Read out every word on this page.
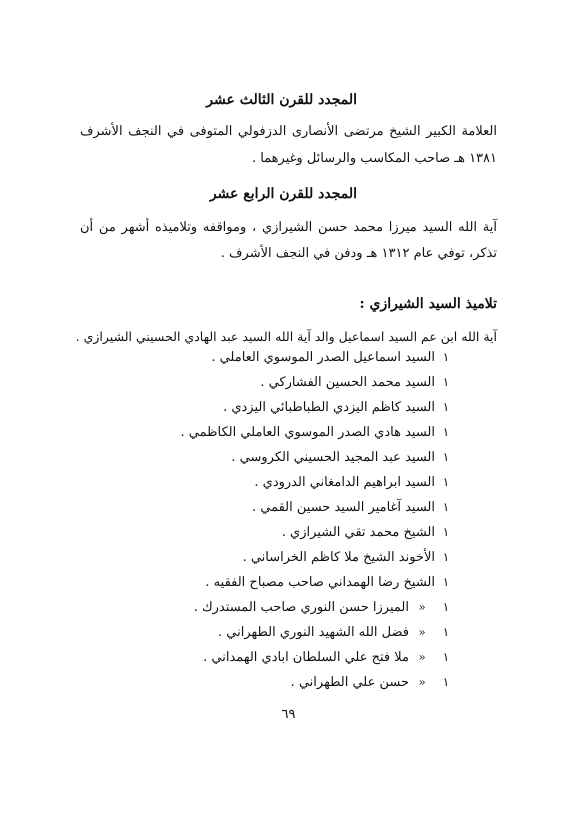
المجدد للقرن الثالث عشر
العلامة الكبير الشيخ مرتضى الأنصارى الدزفولي المتوفى في النجف الأشرف
١٣٨١ هـ صاحب المكاسب والرسائل وغيرهما .
المجدد للقرن الرابع عشر
آية الله السيد ميرزا محمد حسن الشيرازي ، ومواقفه وتلاميذه أشهر من أن
تذكر، توفي عام ١٣١٢ هـ ودفن في النجف الأشرف .
تلاميذ السيد الشيرازي :
آية الله ابن عم السيد اسماعيل والد آية الله السيد عبد الهادي الحسيني الشيرازي .
۱
السيد اسماعيل الصدر الموسوي العاملي .
۱
السيد محمد الحسين الفشاركي .
۱
السيد كاظم اليزدي الطباطبائي اليزدي .
۱
السيد هادي الصدر الموسوي العاملي الكاظمي .
۱
السيد عبد المجيد الحسيني الكروسي .
۱
السيد ابراهيم الدامغاني الدرودي .
۱
السيد آغامير السيد حسين القمي .
۱
الشيخ محمد تقي الشيرازي .
۱
الأخوند الشيخ ملا كاظم الخراساني .
۱
الشيخ رضا الهمداني صاحب مصباح الفقيه .
۱
«
الميرزا حسن النوري صاحب المستدرك .
۱
«
فضل الله الشهيد النوري الطهراني .
۱
«
ملا فتح علي السلطان ابادي الهمداني .
۱
«
حسن علي الطهراني .
٦٩
